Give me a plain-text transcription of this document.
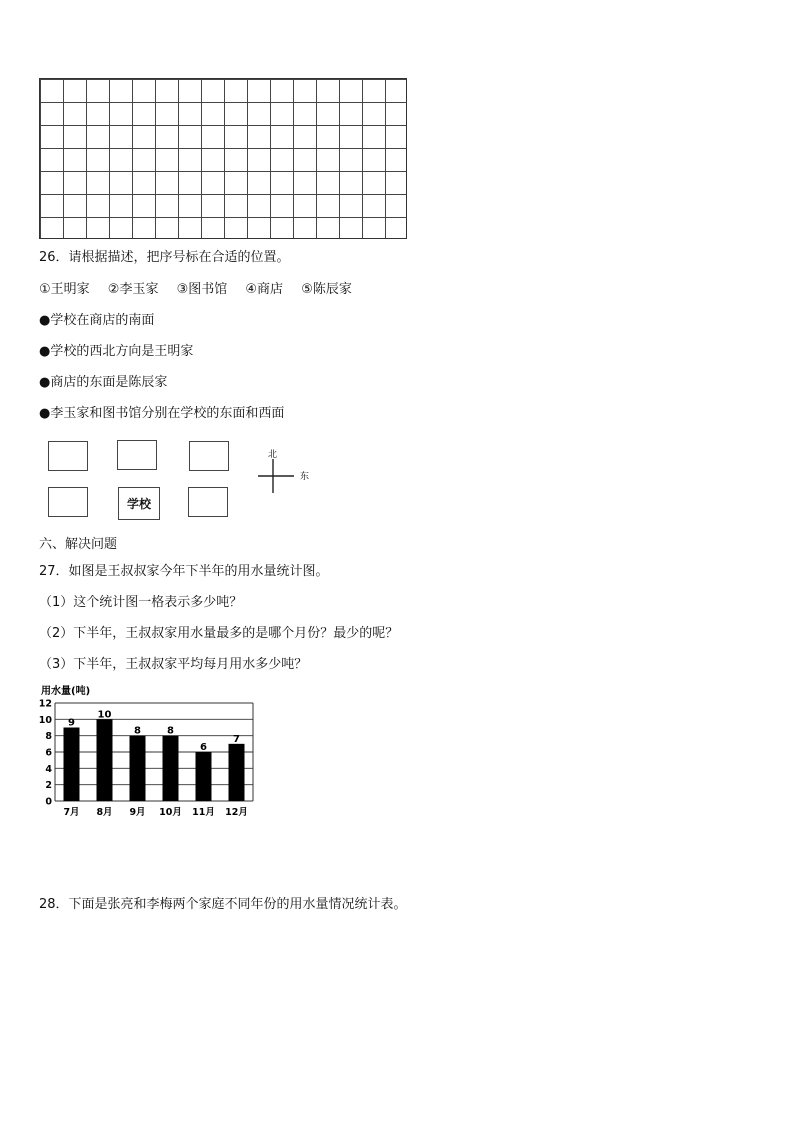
26．请根据描述，把序号标在合适的位置。
①王明家 ②李玉家 ③图书馆 ④商店 ⑤陈辰家
●学校在商店的南面
●学校的西北方向是王明家
●商店的东面是陈辰家
●李玉家和图书馆分别在学校的东面和西面
学校
北
东
六、解决问题
27．如图是王叔叔家今年下半年的用水量统计图。
（1）这个统计图一格表示多少吨？
（2）下半年，王叔叔家用水量最多的是哪个月份？最少的呢？
（3）下半年，王叔叔家平均每月用水多少吨？
用水量(吨)
0
2
4
6
8
10
12
9
7月
10
8月
8
9月
8
10月
6
11月
7
12月
28．下面是张亮和李梅两个家庭不同年份的用水量情况统计表。
